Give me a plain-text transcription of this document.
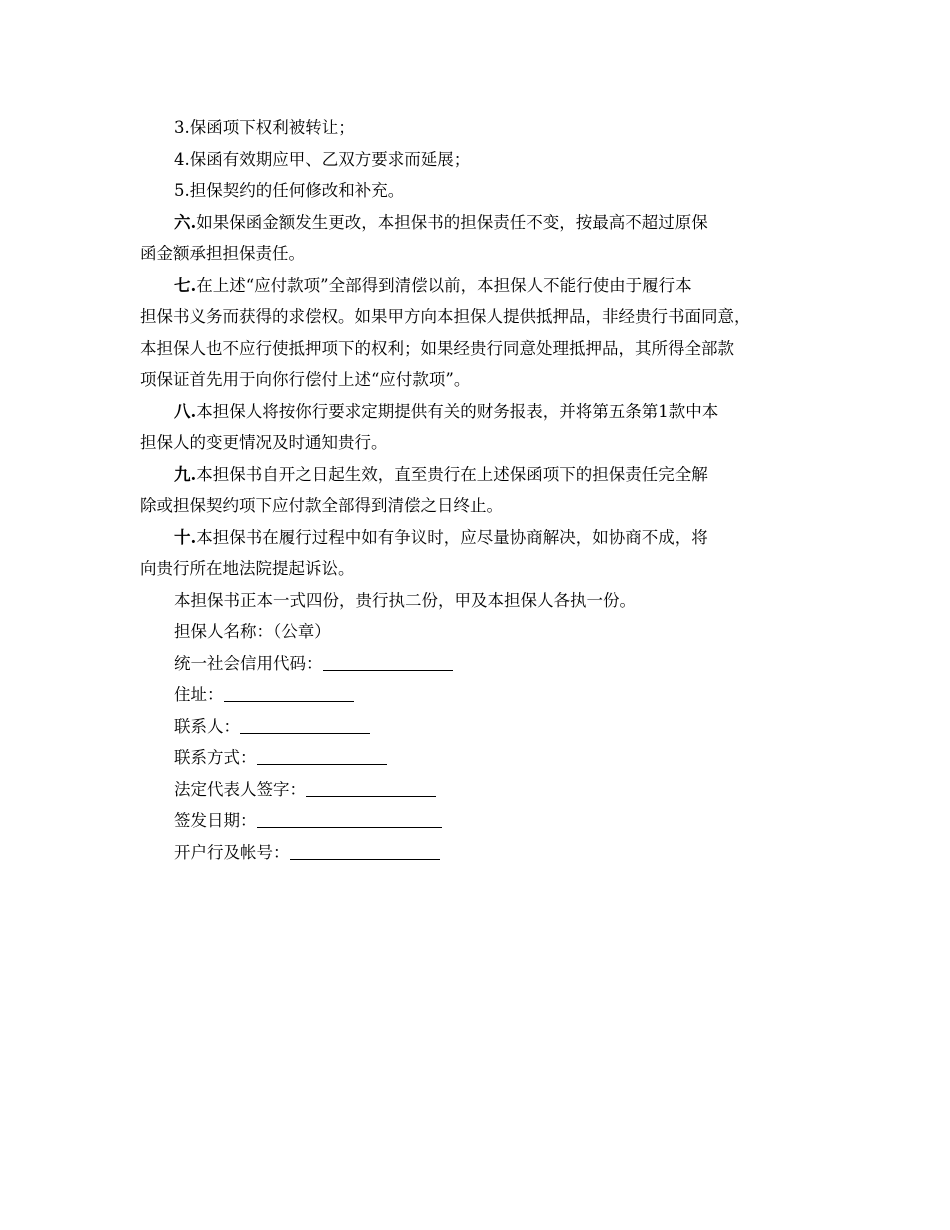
3.保函项下权利被转让；
4.保函有效期应甲、乙双方要求而延展；
5.担保契约的任何修改和补充。
六.如果保函金额发生更改，本担保书的担保责任不变，按最高不超过原保
函金额承担担保责任。
七.在上述“应付款项”全部得到清偿以前，本担保人不能行使由于履行本
担保书义务而获得的求偿权。如果甲方向本担保人提供抵押品，非经贵行书面同意，
本担保人也不应行使抵押项下的权利；如果经贵行同意处理抵押品，其所得全部款
项保证首先用于向你行偿付上述“应付款项”。
八.本担保人将按你行要求定期提供有关的财务报表，并将第五条第1款中本
担保人的变更情况及时通知贵行。
九.本担保书自开之日起生效，直至贵行在上述保函项下的担保责任完全解
除或担保契约项下应付款全部得到清偿之日终止。
十.本担保书在履行过程中如有争议时，应尽量协商解决，如协商不成，将
向贵行所在地法院提起诉讼。
本担保书正本一式四份，贵行执二份，甲及本担保人各执一份。
担保人名称：（公章）
统一社会信用代码：
住址：
联系人：
联系方式：
法定代表人签字：
签发日期：
开户行及帐号：
